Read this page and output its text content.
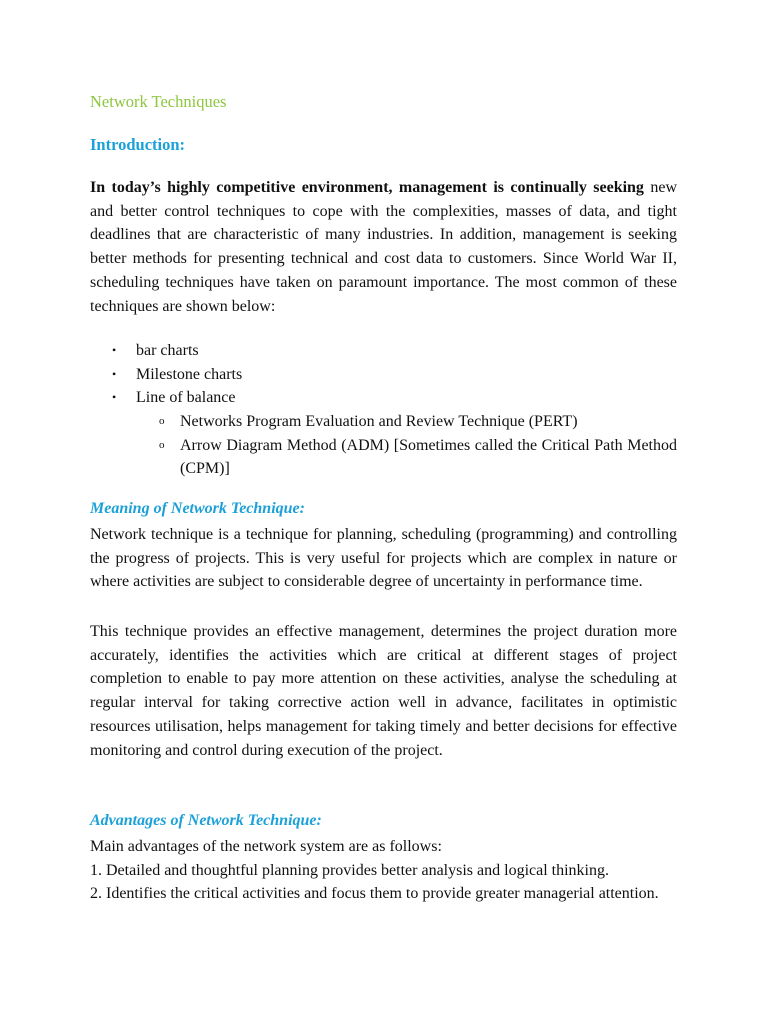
Network Techniques
Introduction:

In today’s highly competitive environment, management is continually seeking new and better control techniques to cope with the complexities, masses of data, and tight deadlines that are characteristic of many industries. In addition, management is seeking better methods for presenting technical and cost data to customers. Since World War II, scheduling techniques have taken on paramount importance. The most common of these techniques are shown below:

• bar charts
• Milestone charts
• Line of balance
o Networks Program Evaluation and Review Technique (PERT)
o Arrow Diagram Method (ADM) [Sometimes called the Critical Path Method (CPM)]
Meaning of Network Technique:

Network technique is a technique for planning, scheduling (programming) and controlling the progress of projects. This is very useful for projects which are complex in nature or where activities are subject to considerable degree of uncertainty in performance time.

This technique provides an effective management, determines the project duration more accurately, identifies the activities which are critical at different stages of project completion to enable to pay more attention on these activities, analyse the scheduling at regular interval for taking corrective action well in advance, facilitates in optimistic resources utilisation, helps management for taking timely and better decisions for effective monitoring and control during execution of the project.

Advantages of Network Technique:
Main advantages of the network system are as follows:
1. Detailed and thoughtful planning provides better analysis and logical thinking.
2. Identifies the critical activities and focus them to provide greater managerial attention.
